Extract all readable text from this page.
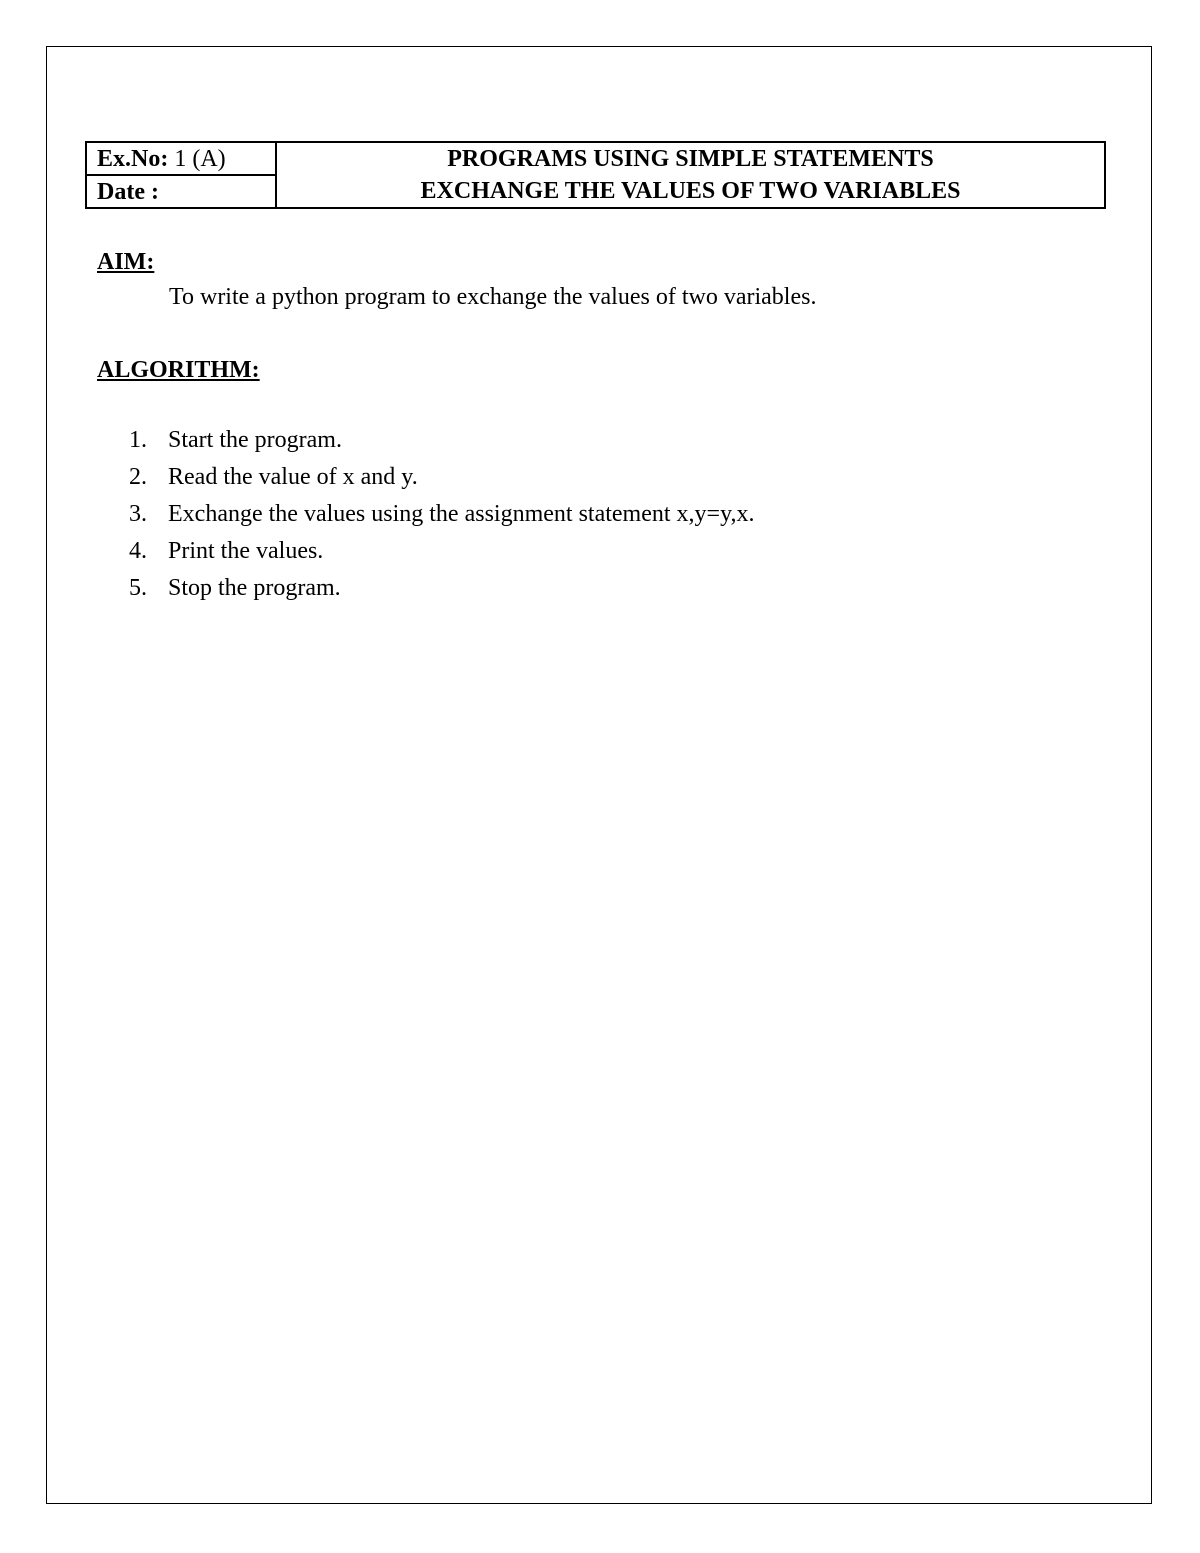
Ex.No: 1 (A)	PROGRAMS USING SIMPLE STATEMENTS
Date :	EXCHANGE THE VALUES OF TWO VARIABLES
AIM:

To write a python program to exchange the values of two variables.

ALGORITHM:
1. Start the program.
2. Read the value of x and y.
3. Exchange the values using the assignment statement x,y=y,x.
4. Print the values.
5. Stop the program.
